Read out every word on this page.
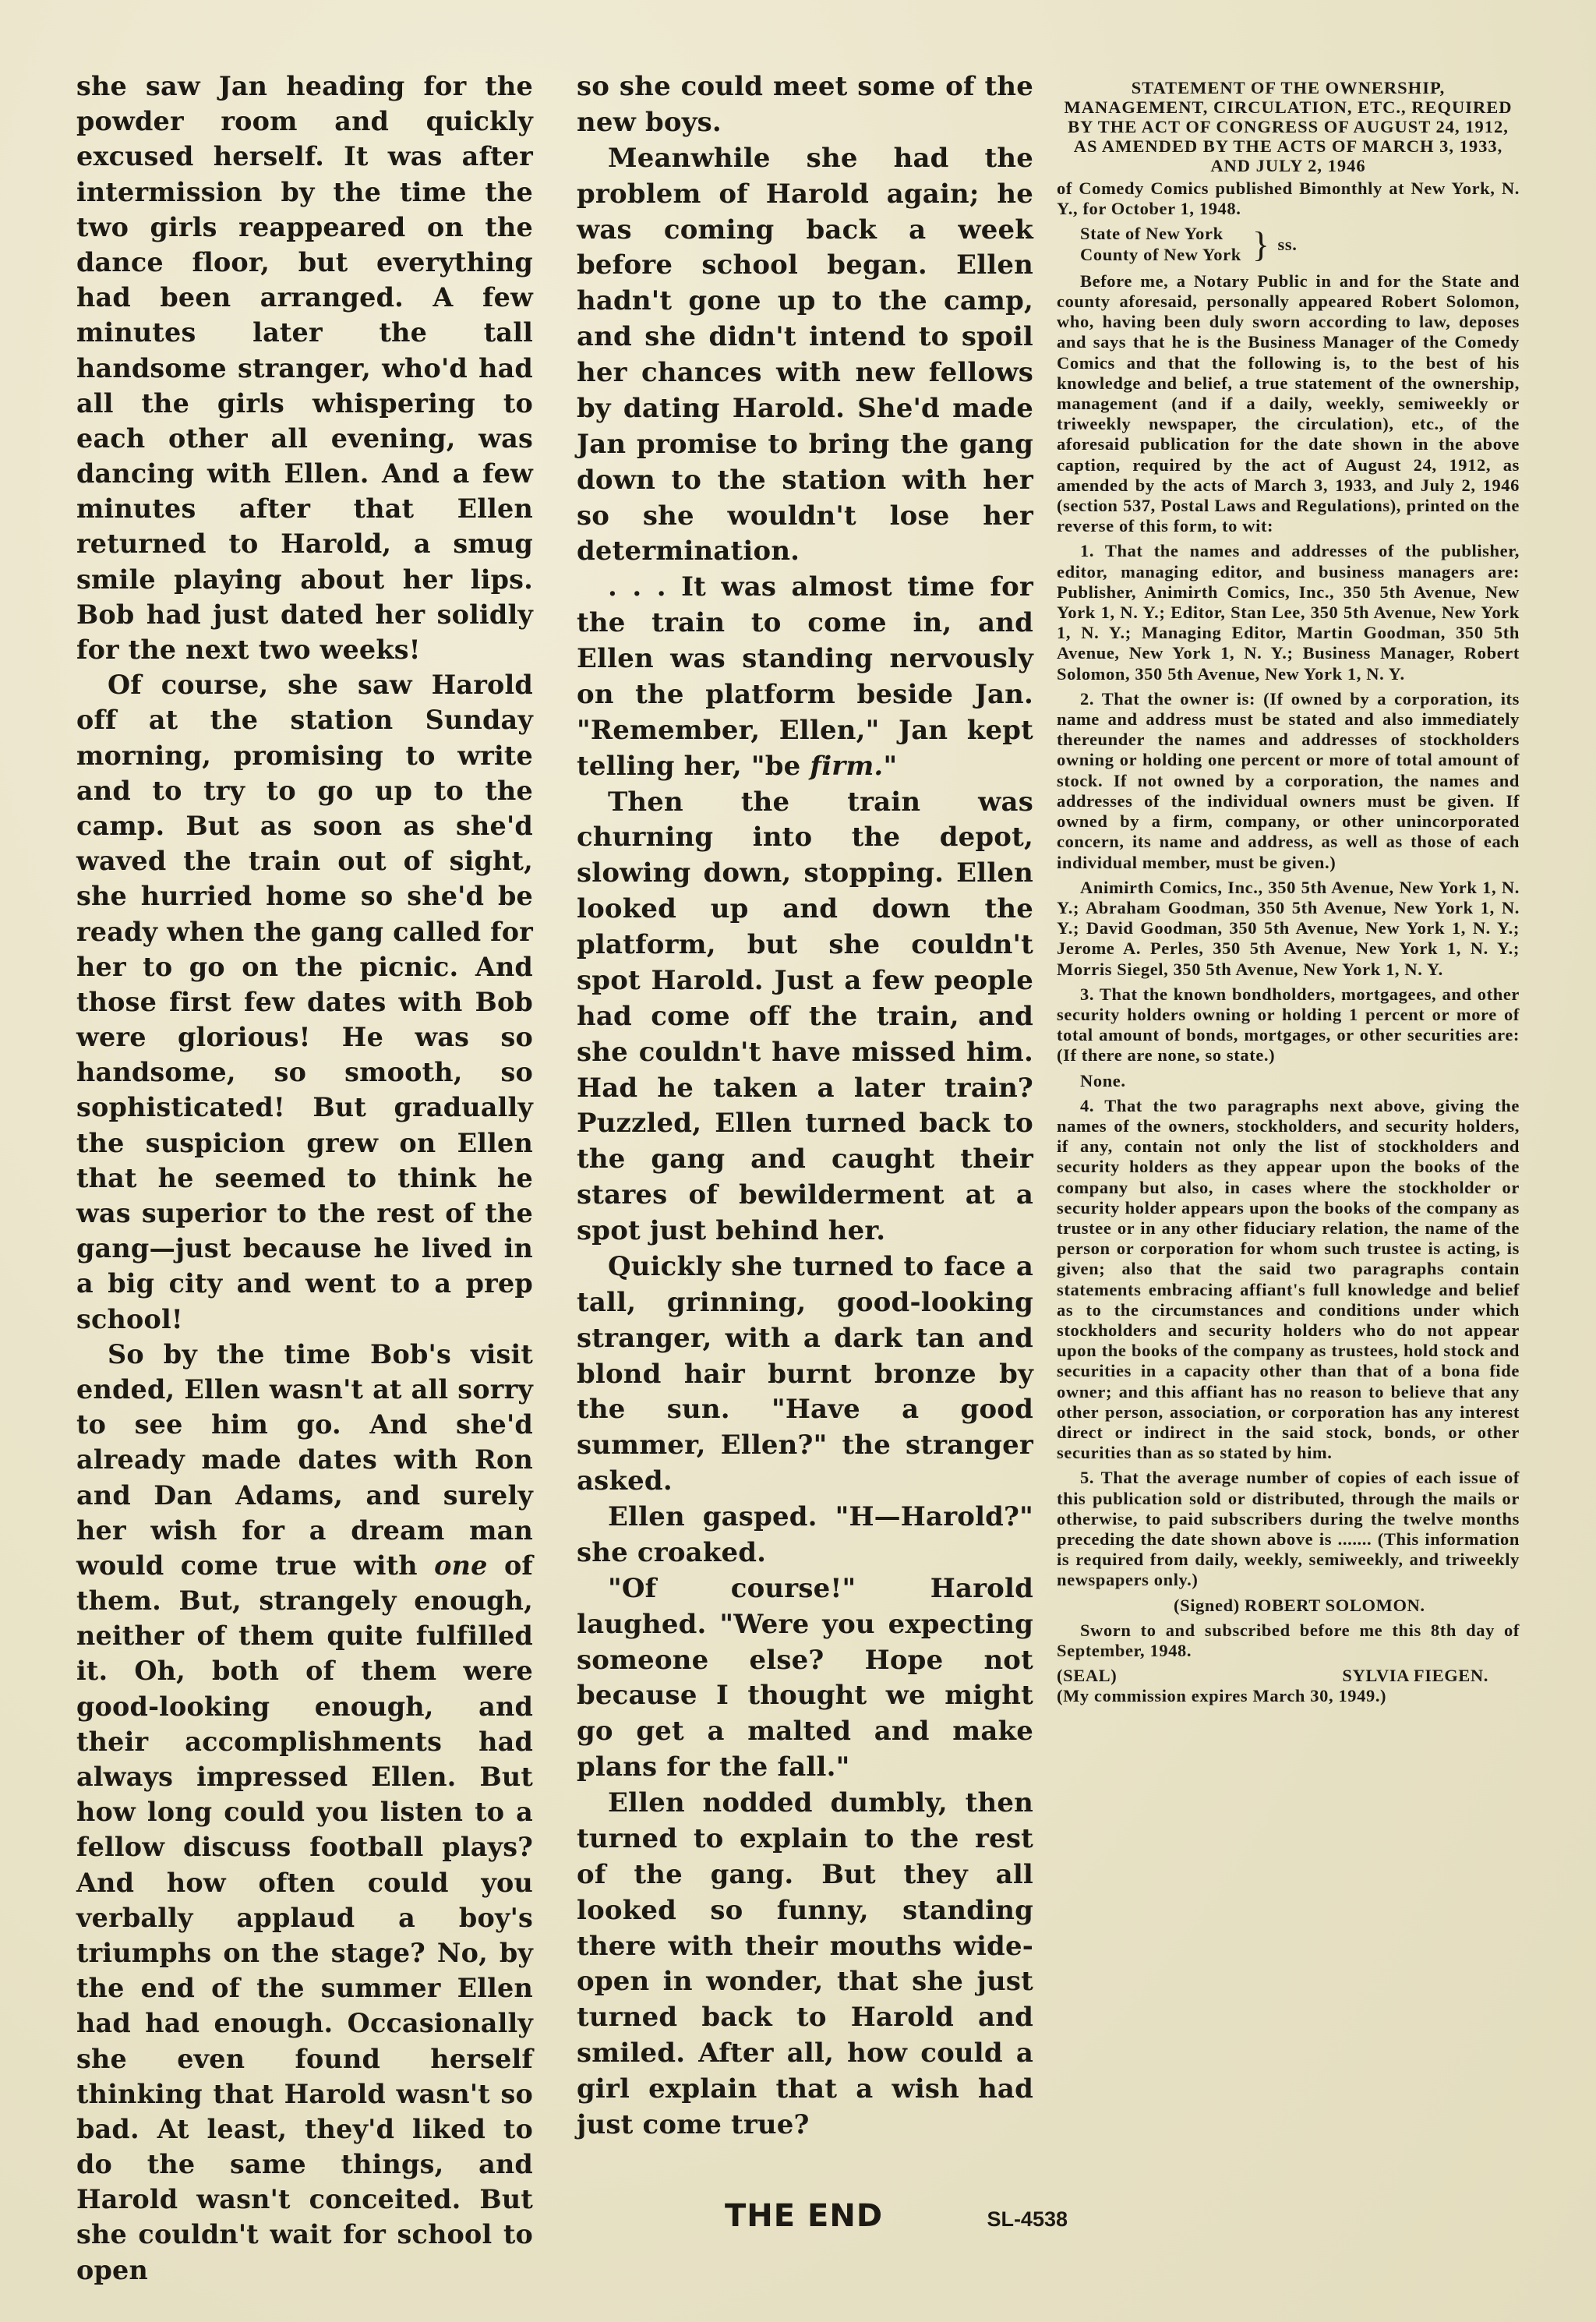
she saw Jan heading for the powder room and quickly excused herself. It was after intermission by the time the two girls reappeared on the dance floor, but everything had been arranged. A few minutes later the tall handsome stranger, who'd had all the girls whispering to each other all evening, was dancing with Ellen. And a few minutes after that Ellen returned to Harold, a smug smile playing about her lips. Bob had just dated her solidly for the next two weeks!

Of course, she saw Harold off at the station Sunday morning, promising to write and to try to go up to the camp. But as soon as she'd waved the train out of sight, she hurried home so she'd be ready when the gang called for her to go on the picnic. And those first few dates with Bob were glorious! He was so handsome, so smooth, so sophisticated! But gradually the suspicion grew on Ellen that he seemed to think he was superior to the rest of the gang—just because he lived in a big city and went to a prep school!

So by the time Bob's visit ended, Ellen wasn't at all sorry to see him go. And she'd already made dates with Ron and Dan Adams, and surely her wish for a dream man would come true with one of them. But, strangely enough, neither of them quite fulfilled it. Oh, both of them were good-looking enough, and their accomplishments had always impressed Ellen. But how long could you listen to a fellow discuss football plays? And how often could you verbally applaud a boy's triumphs on the stage? No, by the end of the summer Ellen had had enough. Occasionally she even found herself thinking that Harold wasn't so bad. At least, they'd liked to do the same things, and Harold wasn't conceited. But she couldn't wait for school to open

so she could meet some of the new boys.

Meanwhile she had the problem of Harold again; he was coming back a week before school began. Ellen hadn't gone up to the camp, and she didn't intend to spoil her chances with new fellows by dating Harold. She'd made Jan promise to bring the gang down to the station with her so she wouldn't lose her determination.

. . . It was almost time for the train to come in, and Ellen was standing nervously on the platform beside Jan. "Remember, Ellen," Jan kept telling her, "be firm."

Then the train was churning into the depot, slowing down, stopping. Ellen looked up and down the platform, but she couldn't spot Harold. Just a few people had come off the train, and she couldn't have missed him. Had he taken a later train? Puzzled, Ellen turned back to the gang and caught their stares of bewilderment at a spot just behind her.

Quickly she turned to face a tall, grinning, good-looking stranger, with a dark tan and blond hair burnt bronze by the sun. "Have a good summer, Ellen?" the stranger asked.

Ellen gasped. "H—Harold?" she croaked.

"Of course!" Harold laughed. "Were you expecting someone else? Hope not because I thought we might go get a malted and make plans for the fall."

Ellen nodded dumbly, then turned to explain to the rest of the gang. But they all looked so funny, standing there with their mouths wide-open in wonder, that she just turned back to Harold and smiled. After all, how could a girl explain that a wish had just come true?

THE END	SL-4538

STATEMENT OF THE OWNERSHIP, MANAGEMENT, CIRCULATION, ETC., REQUIRED BY THE ACT OF CONGRESS OF AUGUST 24, 1912, AS AMENDED BY THE ACTS OF MARCH 3, 1933, AND JULY 2, 1946

of Comedy Comics published Bimonthly at New York, N. Y., for October 1, 1948.

State of New York
County of New York } ss.

Before me, a Notary Public in and for the State and county aforesaid, personally appeared Robert Solomon, who, having been duly sworn according to law, deposes and says that he is the Business Manager of the Comedy Comics and that the following is, to the best of his knowledge and belief, a true statement of the ownership, management (and if a daily, weekly, semiweekly or triweekly newspaper, the circulation), etc., of the aforesaid publication for the date shown in the above caption, required by the act of August 24, 1912, as amended by the acts of March 3, 1933, and July 2, 1946 (section 537, Postal Laws and Regulations), printed on the reverse of this form, to wit:

1. That the names and addresses of the publisher, editor, managing editor, and business managers are: Publisher, Animirth Comics, Inc., 350 5th Avenue, New York 1, N. Y.; Editor, Stan Lee, 350 5th Avenue, New York 1, N. Y.; Managing Editor, Martin Goodman, 350 5th Avenue, New York 1, N. Y.; Business Manager, Robert Solomon, 350 5th Avenue, New York 1, N. Y.

2. That the owner is: (If owned by a corporation, its name and address must be stated and also immediately thereunder the names and addresses of stockholders owning or holding one percent or more of total amount of stock. If not owned by a corporation, the names and addresses of the individual owners must be given. If owned by a firm, company, or other unincorporated concern, its name and address, as well as those of each individual member, must be given.)

Animirth Comics, Inc., 350 5th Avenue, New York 1, N. Y.; Abraham Goodman, 350 5th Avenue, New York 1, N. Y.; David Goodman, 350 5th Avenue, New York 1, N. Y.; Jerome A. Perles, 350 5th Avenue, New York 1, N. Y.; Morris Siegel, 350 5th Avenue, New York 1, N. Y.

3. That the known bondholders, mortgagees, and other security holders owning or holding 1 percent or more of total amount of bonds, mortgages, or other securities are: (If there are none, so state.)

None.

4. That the two paragraphs next above, giving the names of the owners, stockholders, and security holders, if any, contain not only the list of stockholders and security holders as they appear upon the books of the company but also, in cases where the stockholder or security holder appears upon the books of the company as trustee or in any other fiduciary relation, the name of the person or corporation for whom such trustee is acting, is given; also that the said two paragraphs contain statements embracing affiant's full knowledge and belief as to the circumstances and conditions under which stockholders and security holders who do not appear upon the books of the company as trustees, hold stock and securities in a capacity other than that of a bona fide owner; and this affiant has no reason to believe that any other person, association, or corporation has any interest direct or indirect in the said stock, bonds, or other securities than as so stated by him.

5. That the average number of copies of each issue of this publication sold or distributed, through the mails or otherwise, to paid subscribers during the twelve months preceding the date shown above is ....... (This information is required from daily, weekly, semiweekly, and triweekly newspapers only.)

(Signed) ROBERT SOLOMON.

Sworn to and subscribed before me this 8th day of September, 1948.

(SEAL)	SYLVIA FIEGEN.

(My commission expires March 30, 1949.)
